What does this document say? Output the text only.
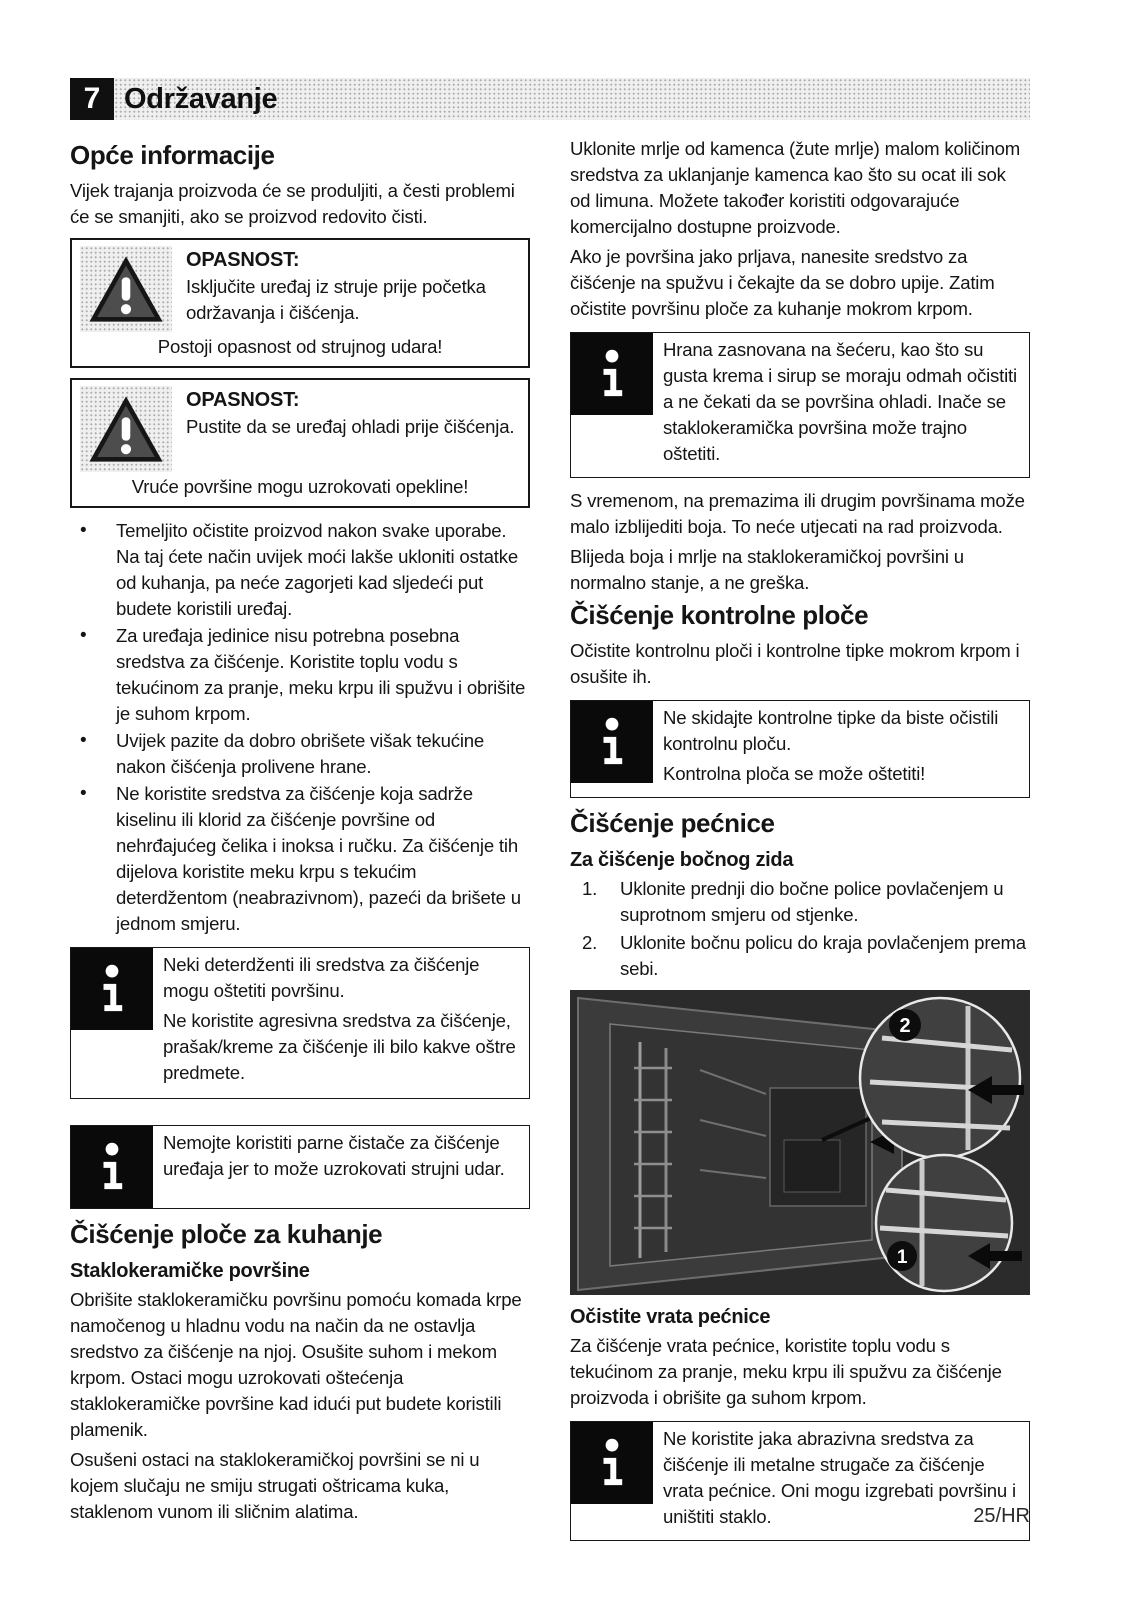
7 Održavanje
Opće informacije

Vijek trajanja proizvoda će se produljiti, a česti problemi će se smanjiti, ako se proizvod redovito čisti.

OPASNOST:
Isključite uređaj iz struje prije početka održavanja i čišćenja.
Postoji opasnost od strujnog udara!
OPASNOST:
Pustite da se uređaj ohladi prije čišćenja.
Vruće površine mogu uzrokovati opekline!
• Temeljito očistite proizvod nakon svake uporabe. Na taj ćete način uvijek moći lakše ukloniti ostatke od kuhanja, pa neće zagorjeti kad sljedeći put budete koristili uređaj.
• Za uređaja jedinice nisu potrebna posebna sredstva za čišćenje. Koristite toplu vodu s tekućinom za pranje, meku krpu ili spužvu i obrišite je suhom krpom.
• Uvijek pazite da dobro obrišete višak tekućine nakon čišćenja prolivene hrane.
• Ne koristite sredstva za čišćenje koja sadrže kiselinu ili klorid za čišćenje površine od nehrđajućeg čelika i inoksa i ručku. Za čišćenje tih dijelova koristite meku krpu s tekućim deterdžentom (neabrazivnom), pazeći da brišete u jednom smjeru.

Neki deterdženti ili sredstva za čišćenje mogu oštetiti površinu.

Ne koristite agresivna sredstva za čišćenje, prašak/kreme za čišćenje ili bilo kakve oštre predmete.

Nemojte koristiti parne čistače za čišćenje uređaja jer to može uzrokovati strujni udar.

Čišćenje ploče za kuhanje
Staklokeramičke površine

Obrišite staklokeramičku površinu pomoću komada krpe namočenog u hladnu vodu na način da ne ostavlja sredstvo za čišćenje na njoj. Osušite suhom i mekom krpom. Ostaci mogu uzrokovati oštećenja staklokeramičke površine kad idući put budete koristili plamenik.

Osušeni ostaci na staklokeramičkoj površini se ni u kojem slučaju ne smiju strugati oštricama kuka, staklenom vunom ili sličnim alatima.

Uklonite mrlje od kamenca (žute mrlje) malom količinom sredstva za uklanjanje kamenca kao što su ocat ili sok od limuna. Možete također koristiti odgovarajuće komercijalno dostupne proizvode.

Ako je površina jako prljava, nanesite sredstvo za čišćenje na spužvu i čekajte da se dobro upije. Zatim očistite površinu ploče za kuhanje mokrom krpom.

Hrana zasnovana na šećeru, kao što su gusta krema i sirup se moraju odmah očistiti a ne čekati da se površina ohladi. Inače se staklokeramička površina može trajno oštetiti.

S vremenom, na premazima ili drugim površinama može malo izblijediti boja. To neće utjecati na rad proizvoda.

Blijeda boja i mrlje na staklokeramičkoj površini u normalno stanje, a ne greška.

Čišćenje kontrolne ploče

Očistite kontrolnu ploči i kontrolne tipke mokrom krpom i osušite ih.

Ne skidajte kontrolne tipke da biste očistili kontrolnu ploču.

Kontrolna ploča se može oštetiti!

Čišćenje pećnice
Za čišćenje bočnog zida
1.	Uklonite prednji dio bočne police povlačenjem u suprotnom smjeru od stjenke.
2.	Uklonite bočnu policu do kraja povlačenjem prema sebi.
2
1
Očistite vrata pećnice

Za čišćenje vrata pećnice, koristite toplu vodu s tekućinom za pranje, meku krpu ili spužvu za čišćenje proizvoda i obrišite ga suhom krpom.

Ne koristite jaka abrazivna sredstva za čišćenje ili metalne strugače za čišćenje vrata pećnice. Oni mogu izgrebati površinu i uništiti staklo.	25/HR
